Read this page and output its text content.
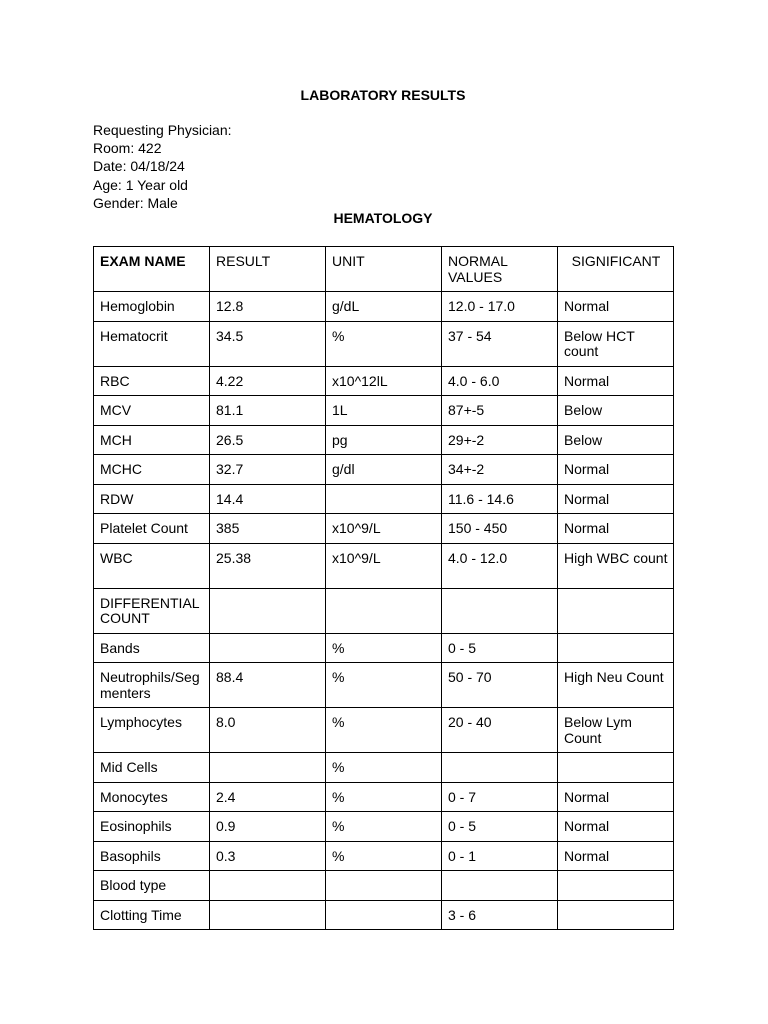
LABORATORY RESULTS
Requesting Physician:
Room: 422
Date: 04/18/24
Age: 1 Year old
Gender: Male
HEMATOLOGY
EXAM NAME	RESULT	UNIT	NORMAL VALUES	SIGNIFICANT
Hemoglobin	12.8	g/dL	12.0 - 17.0	Normal
Hematocrit	34.5	%	37 - 54	Below HCT count
RBC	4.22	x10^12lL	4.0 - 6.0	Normal
MCV	81.1	1L	87+-5	Below
MCH	26.5	pg	29+-2	Below
MCHC	32.7	g/dl	34+-2	Normal
RDW	14.4		11.6 - 14.6	Normal
Platelet Count	385	x10^9/L	150 - 450	Normal
WBC	25.38	x10^9/L	4.0 - 12.0	High WBC count
DIFFERENTIAL COUNT				
Bands		%	0 - 5	
Neutrophils/Segmenters	88.4	%	50 - 70	High Neu Count
Lymphocytes	8.0	%	20 - 40	Below Lym Count
Mid Cells		%		
Monocytes	2.4	%	0 - 7	Normal
Eosinophils	0.9	%	0 - 5	Normal
Basophils	0.3	%	0 - 1	Normal
Blood type				
Clotting Time			3 - 6	
